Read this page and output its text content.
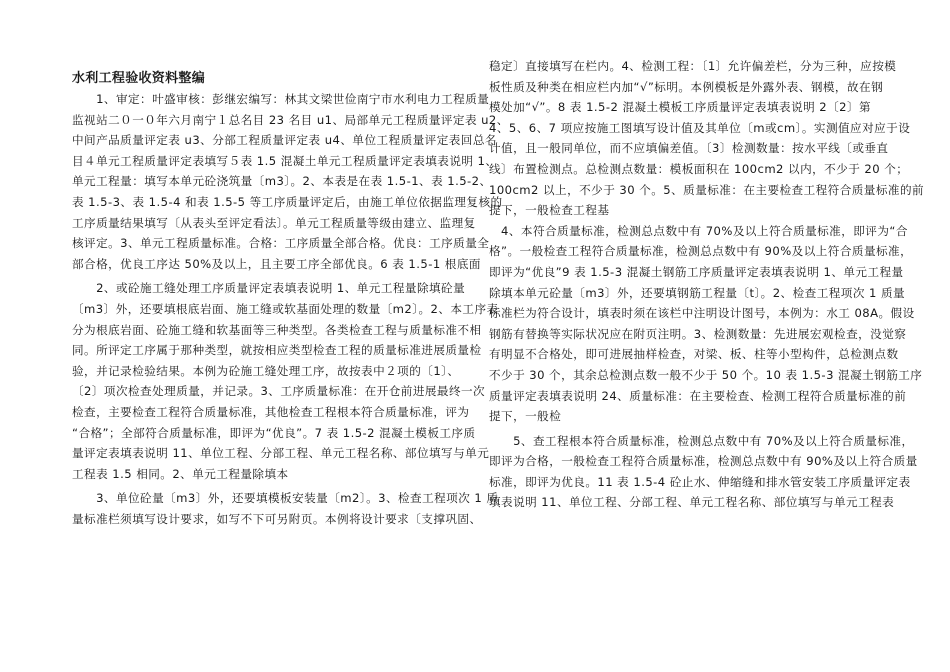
水利工程验收资料整编
　　1、审定：叶盛审核：彭继宏编写：林其文梁世俭南宁市水利电力工程质量
监视站二０一０年六月南宁１总名目 23 名目 u1、局部单元工程质量评定表 u2、
中间产品质量评定表 u3、分部工程质量评定表 u4、单位工程质量评定表回总名
目４单元工程质量评定表填写５表 1.5 混凝土单元工程质量评定表填表说明 1、
单元工程量：填写本单元砼浇筑量〔m3〕。2、本表是在表 1.5-1、表 1.5-2、
表 1.5-3、表 1.5-4 和表 1.5-5 等工序质量评定后，由施工单位依据监理复核的
工序质量结果填写〔从表头至评定看法〕。单元工程质量等级由建立、监理复
核评定。3、单元工程质量标准。合格：工序质量全部合格。优良：工序质量全
部合格，优良工序达 50%及以上，且主要工序全部优良。6 表 1.5-1 根底面
　　2、或砼施工缝处理工序质量评定表填表说明 1、单元工程量除填砼量
〔m3〕外，还要填根底岩面、施工缝或软基面处理的数量〔m2〕。2、本工序表
分为根底岩面、砼施工缝和软基面等三种类型。各类检查工程与质量标准不相
同。所评定工序属于那种类型，就按相应类型检查工程的质量标准进展质量检
验，并记录检验结果。本例为砼施工缝处理工序，故按表中２项的〔1〕、
〔2〕项次检查处理质量，并记录。3、工序质量标准：在开仓前进展最终一次
检查，主要检查工程符合质量标准，其他检查工程根本符合质量标准，评为
“合格”；全部符合质量标准，即评为“优良”。7 表 1.5-2 混凝土模板工序质
量评定表填表说明 11、单位工程、分部工程、单元工程名称、部位填写与单元
工程表 1.5 相同。2、单元工程量除填本
　　3、单位砼量〔m3〕外，还要填模板安装量〔m2〕。3、检查工程项次 1 质
量标准栏须填写设计要求，如写不下可另附页。本例将设计要求〔支撑巩固、
稳定〕直接填写在栏内。4、检测工程：〔1〕允许偏差栏，分为三种，应按模
板性质及种类在相应栏内加“√”标明。本例模板是外露外表、钢模，故在钢
模处加“√”。8 表 1.5-2 混凝土模板工序质量评定表填表说明 2〔2〕第
4、5、6、7 项应按施工图填写设计值及其单位〔m或cm〕。实测值应对应于设
计值，且一般同单位，而不应填偏差值。〔3〕检测数量：按水平线〔或垂直
线〕布置检测点。总检测点数量：模板面积在 100cm2 以内，不少于 20 个；
100cm2 以上，不少于 30 个。5、质量标准：在主要检查工程符合质量标准的前
提下，一般检查工程基
　4、本符合质量标准，检测总点数中有 70%及以上符合质量标准，即评为“合
格”。一般检查工程符合质量标准，检测总点数中有 90%及以上符合质量标准，
即评为“优良”9 表 1.5-3 混凝土钢筋工序质量评定表填表说明 1、单元工程量
除填本单元砼量〔m3〕外，还要填钢筋工程量〔t〕。2、检查工程项次 1 质量
标准栏为符合设计，填表时须在该栏中注明设计图号，本例为：水工 08A。假设
钢筋有替换等实际状况应在附页注明。3、检测数量：先进展宏观检查，没觉察
有明显不合格处，即可进展抽样检查，对梁、板、柱等小型构件，总检测点数
不少于 30 个，其余总检测点数一般不少于 50 个。10 表 1.5-3 混凝土钢筋工序
质量评定表填表说明 24、质量标准：在主要检查、检测工程符合质量标准的前
提下，一般检
　　5、查工程根本符合质量标准，检测总点数中有 70%及以上符合质量标准，
即评为合格，一般检查工程符合质量标准，检测总点数中有 90%及以上符合质量
标准，即评为优良。11 表 1.5-4 砼止水、伸缩缝和排水管安装工序质量评定表
填表说明 11、单位工程、分部工程、单元工程名称、部位填写与单元工程表
